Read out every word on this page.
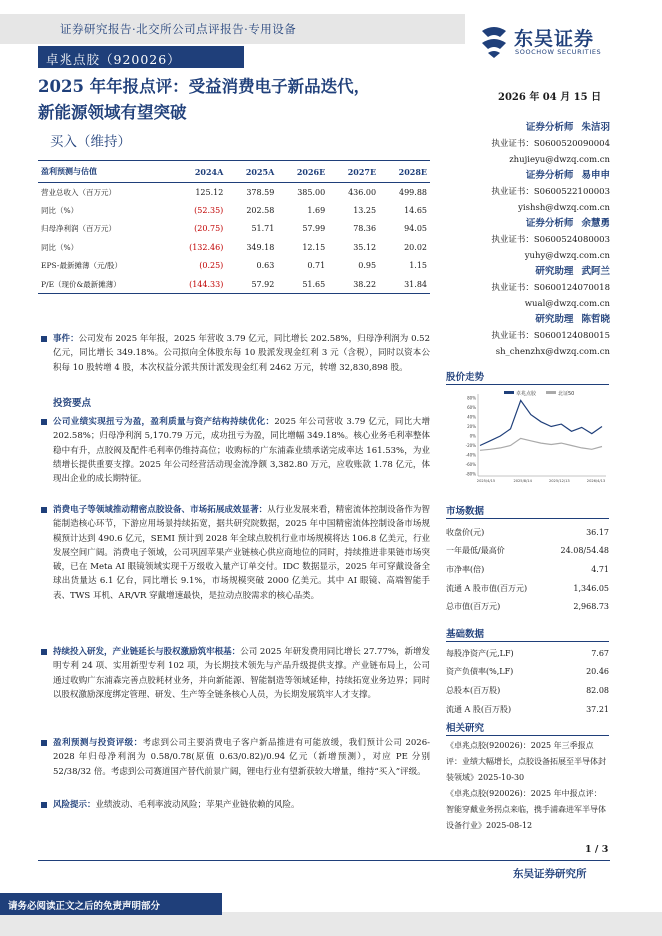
证券研究报告·北交所公司点评报告·专用设备
卓兆点胶（920026）
东吴证券
SOOCHOW SECURITIES
2025 年年报点评：受益消费电子新品迭代，
新能源领域有望突破
买入（维持）
2026 年 04 月 15 日
盈利预测与估值	2024A	2025A	2026E	2027E	2028E
营业总收入（百万元）	125.12	378.59	385.00	436.00	499.88
同比（%）	(52.35)	202.58	1.69	13.25	14.65
归母净利润（百万元）	(20.75)	51.71	57.99	78.36	94.05
同比（%）	(132.46)	349.18	12.15	35.12	20.02
EPS-最新摊薄（元/股）	(0.25)	0.63	0.71	0.95	1.15
P/E（现价&最新摊薄）	(144.33)	57.92	51.65	38.22	31.84
证券分析师 朱洁羽
执业证书：S0600520090004
zhujieyu@dwzq.com.cn
证券分析师 易申申
执业证书：S0600522100003
yishsh@dwzq.com.cn
证券分析师 余慧勇
执业证书：S0600524080003
yuhy@dwzq.com.cn
研究助理 武阿兰
执业证书：S0600124070018
wual@dwzq.com.cn
研究助理 陈哲晓
执业证书：S0600124080015
sh_chenzhx@dwzq.com.cn
股价走势
80%
60%
40%
20%
0%
-20%
-40%
-60%
-80%
2025/4/15	2025/8/14	2025/12/13	2026/4/13
卓兆点胶	北证50
市场数据
收盘价(元)	36.17
一年最低/最高价	24.08/54.48
市净率(倍)	4.71
流通 A 股市值(百万元)	1,346.05
总市值(百万元)	2,968.73
基础数据
每股净资产(元,LF)	7.67
资产负债率(%,LF)	20.46
总股本(百万股)	82.08
流通 A 股(百万股)	37.21
相关研究
《卓兆点胶(920026)：2025 年三季报点评：业绩大幅增长，点胶设备拓展至半导体封装领域》2025-10-30
《卓兆点胶(920026)：2025 年中报点评：智能穿戴业务拐点来临，携手浦森进军半导体设备行业》2025-08-12
事件：公司发布 2025 年年报，2025 年营收 3.79 亿元，同比增长 202.58%，归母净利润为 0.52 亿元，同比增长 349.18%。公司拟向全体股东每 10 股派发现金红利 3 元（含税），同时以资本公积每 10 股转增 4 股，本次权益分派共预计派发现金红利 2462 万元，转增 32,830,898 股。
投资要点
公司业绩实现扭亏为盈，盈利质量与资产结构持续优化：2025 年公司营收 3.79 亿元，同比大增 202.58%；归母净利润 5,170.79 万元，成功扭亏为盈，同比增幅 349.18%。核心业务毛利率整体稳中有升，点胶阀及配件毛利率仍维持高位；收购标的广东浦森业绩承诺完成率达 161.53%，为业绩增长提供重要支撑。2025 年公司经营活动现金流净额 3,382.80 万元，应收账款 1.78 亿元，体现出企业的成长期特征。
消费电子等领域推动精密点胶设备、市场拓展成效显著：从行业发展来看，精密流体控制设备作为智能制造核心环节，下游应用场景持续拓宽，据共研究院数据，2025 年中国精密流体控制设备市场规模预计达到 490.6 亿元，SEMI 预计到 2028 年全球点胶机行业市场规模将达 106.8 亿美元，行业发展空间广阔。消费电子领域，公司巩固苹果产业链核心供应商地位的同时，持续推进非果链市场突破，已在 Meta AI 眼镜领域实现千万级收入量产订单交付。IDC 数据显示，2025 年可穿戴设备全球出货量达 6.1 亿台，同比增长 9.1%，市场规模突破 2000 亿美元。其中 AI 眼镜、高端智能手表、TWS 耳机、AR/VR 穿戴增速最快，是拉动点胶需求的核心品类。
持续投入研发，产业链延长与股权激励筑牢根基：公司 2025 年研发费用同比增长 27.77%，新增发明专利 24 项、实用新型专利 102 项，为长期技术领先与产品升级提供支撑。产业链布局上，公司通过收购广东浦森完善点胶耗材业务，并向新能源、智能制造等领域延伸，持续拓宽业务边界；同时以股权激励深度绑定管理、研发、生产等全链条核心人员，为长期发展筑牢人才支撑。
盈利预测与投资评级：考虑到公司主要消费电子客户新品推进有可能放缓，我们预计公司 2026-2028 年归母净利润为 0.58/0.78(原值 0.63/0.82)/0.94 亿元（新增预测），对应 PE 分别 52/38/32 倍。考虑到公司赛道国产替代前景广阔，锂电行业有望新获较大增量，维持“买入”评级。
风险提示：业绩波动、毛利率波动风险；苹果产业链依赖的风险。
1 / 3
东吴证券研究所
请务必阅读正文之后的免责声明部分
